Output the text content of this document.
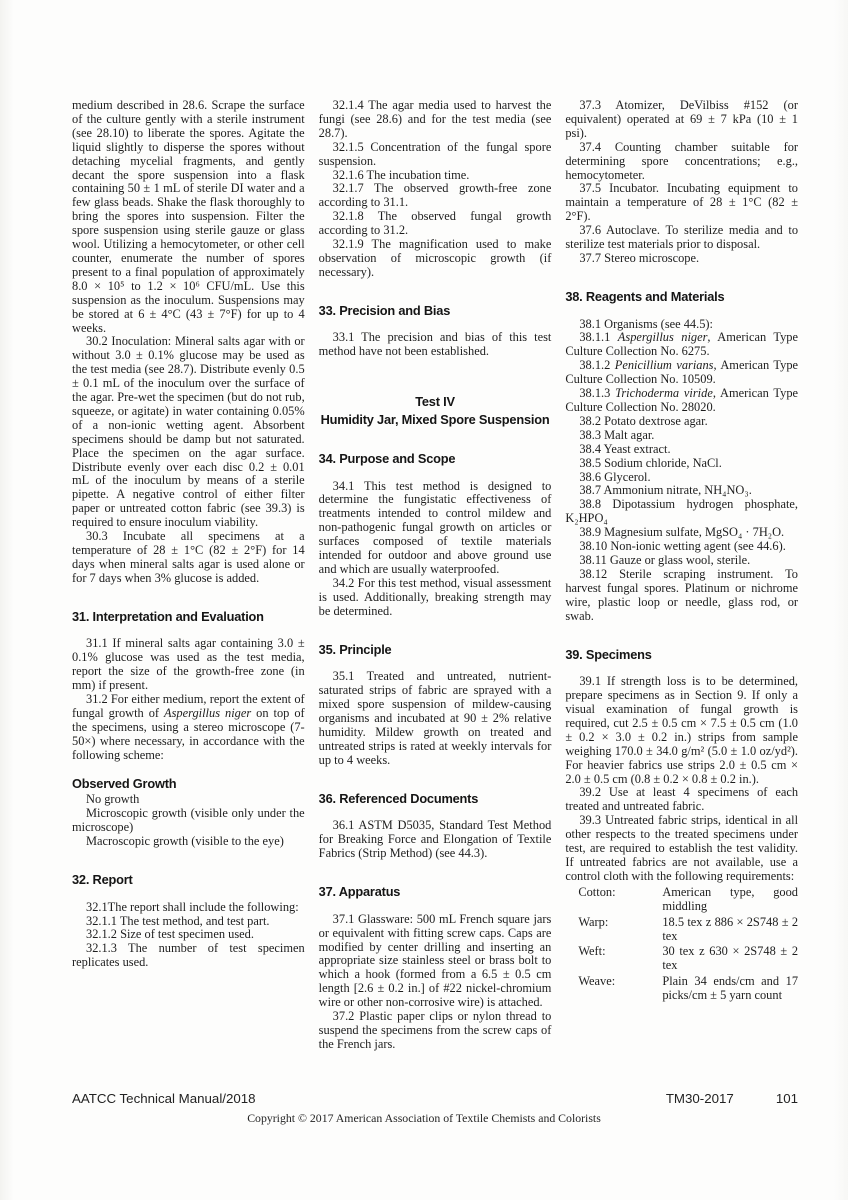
medium described in 28.6. Scrape the surface of the culture gently with a sterile instrument (see 28.10) to liberate the spores. Agitate the liquid slightly to disperse the spores without detaching mycelial fragments, and gently decant the spore suspension into a flask containing 50 ± 1 mL of sterile DI water and a few glass beads. Shake the flask thoroughly to bring the spores into suspension. Filter the spore suspension using sterile gauze or glass wool. Utilizing a hemocytometer, or other cell counter, enumerate the number of spores present to a final population of approximately 8.0 × 10⁵ to 1.2 × 10⁶ CFU/mL. Use this suspension as the inoculum. Suspensions may be stored at 6 ± 4°C (43 ± 7°F) for up to 4 weeks.

30.2 Inoculation: Mineral salts agar with or without 3.0 ± 0.1% glucose may be used as the test media (see 28.7). Distribute evenly 0.5 ± 0.1 mL of the inoculum over the surface of the agar. Pre-wet the specimen (but do not rub, squeeze, or agitate) in water containing 0.05% of a non-ionic wetting agent. Absorbent specimens should be damp but not saturated. Place the specimen on the agar surface. Distribute evenly over each disc 0.2 ± 0.01 mL of the inoculum by means of a sterile pipette. A negative control of either filter paper or untreated cotton fabric (see 39.3) is required to ensure inoculum viability.

30.3 Incubate all specimens at a temperature of 28 ± 1°C (82 ± 2°F) for 14 days when mineral salts agar is used alone or for 7 days when 3% glucose is added.

31. Interpretation and Evaluation

31.1 If mineral salts agar containing 3.0 ± 0.1% glucose was used as the test media, report the size of the growth-free zone (in mm) if present.

31.2 For either medium, report the extent of fungal growth of Aspergillus niger on top of the specimens, using a stereo microscope (7-50×) where necessary, in accordance with the following scheme:

Observed Growth

No growth

Microscopic growth (visible only under the microscope)

Macroscopic growth (visible to the eye)

32. Report

32.1The report shall include the following:

32.1.1 The test method, and test part.

32.1.2 Size of test specimen used.

32.1.3 The number of test specimen replicates used.

32.1.4 The agar media used to harvest the fungi (see 28.6) and for the test media (see 28.7).

32.1.5 Concentration of the fungal spore suspension.

32.1.6 The incubation time.

32.1.7 The observed growth-free zone according to 31.1.

32.1.8 The observed fungal growth according to 31.2.

32.1.9 The magnification used to make observation of microscopic growth (if necessary).

33. Precision and Bias

33.1 The precision and bias of this test method have not been established.

Test IV
Humidity Jar, Mixed Spore Suspension
34. Purpose and Scope

34.1 This test method is designed to determine the fungistatic effectiveness of treatments intended to control mildew and non-pathogenic fungal growth on articles or surfaces composed of textile materials intended for outdoor and above ground use and which are usually waterproofed.

34.2 For this test method, visual assessment is used. Additionally, breaking strength may be determined.

35. Principle

35.1 Treated and untreated, nutrient-saturated strips of fabric are sprayed with a mixed spore suspension of mildew-causing organisms and incubated at 90 ± 2% relative humidity. Mildew growth on treated and untreated strips is rated at weekly intervals for up to 4 weeks.

36. Referenced Documents

36.1 ASTM D5035, Standard Test Method for Breaking Force and Elongation of Textile Fabrics (Strip Method) (see 44.3).

37. Apparatus

37.1 Glassware: 500 mL French square jars or equivalent with fitting screw caps. Caps are modified by center drilling and inserting an appropriate size stainless steel or brass bolt to which a hook (formed from a 6.5 ± 0.5 cm length [2.6 ± 0.2 in.] of #22 nickel-chromium wire or other non-corrosive wire) is attached.

37.2 Plastic paper clips or nylon thread to suspend the specimens from the screw caps of the French jars.

37.3 Atomizer, DeVilbiss #152 (or equivalent) operated at 69 ± 7 kPa (10 ± 1 psi).

37.4 Counting chamber suitable for determining spore concentrations; e.g., hemocytometer.

37.5 Incubator. Incubating equipment to maintain a temperature of 28 ± 1°C (82 ± 2°F).

37.6 Autoclave. To sterilize media and to sterilize test materials prior to disposal.

37.7 Stereo microscope.

38. Reagents and Materials

38.1 Organisms (see 44.5):

38.1.1 Aspergillus niger, American Type Culture Collection No. 6275.

38.1.2 Penicillium varians, American Type Culture Collection No. 10509.

38.1.3 Trichoderma viride, American Type Culture Collection No. 28020.

38.2 Potato dextrose agar.

38.3 Malt agar.

38.4 Yeast extract.

38.5 Sodium chloride, NaCl.

38.6 Glycerol.

38.7 Ammonium nitrate, NH₄NO₃.

38.8 Dipotassium hydrogen phosphate, K₂HPO₄

38.9 Magnesium sulfate, MgSO₄ · 7H₂O.

38.10 Non-ionic wetting agent (see 44.6).

38.11 Gauze or glass wool, sterile.

38.12 Sterile scraping instrument. To harvest fungal spores. Platinum or nichrome wire, plastic loop or needle, glass rod, or swab.

39. Specimens

39.1 If strength loss is to be determined, prepare specimens as in Section 9. If only a visual examination of fungal growth is required, cut 2.5 ± 0.5 cm × 7.5 ± 0.5 cm (1.0 ± 0.2 × 3.0 ± 0.2 in.) strips from sample weighing 170.0 ± 34.0 g/m² (5.0 ± 1.0 oz/yd²). For heavier fabrics use strips 2.0 ± 0.5 cm × 2.0 ± 0.5 cm (0.8 ± 0.2 × 0.8 ± 0.2 in.).

39.2 Use at least 4 specimens of each treated and untreated fabric.

39.3 Untreated fabric strips, identical in all other respects to the treated specimens under test, are required to establish the test validity. If untreated fabrics are not available, use a control cloth with the following requirements:

Cotton:	American type, good middling
Warp:	18.5 tex z 886 × 2S748 ± 2 tex
Weft:	30 tex z 630 × 2S748 ± 2 tex
Weave:	Plain 34 ends/cm and 17 picks/cm ± 5 yarn count
AATCC Technical Manual/2018	TM30-2017	101
Copyright © 2017 American Association of Textile Chemists and Colorists
